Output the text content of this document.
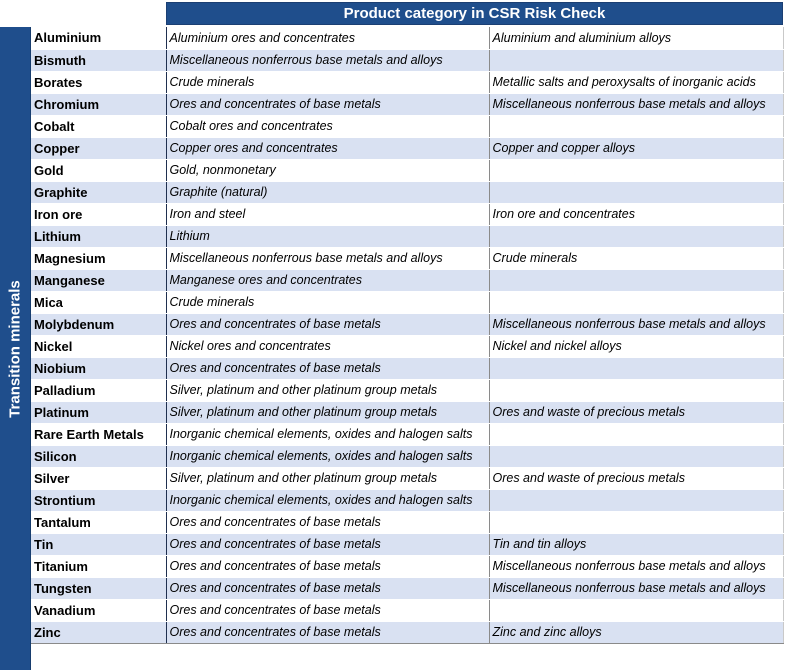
Product category in CSR Risk Check
Transition minerals
Aluminium	Aluminium ores and concentrates	Aluminium and aluminium alloys
Bismuth	Miscellaneous nonferrous base metals and alloys	
Borates	Crude minerals	Metallic salts and peroxysalts of inorganic acids
Chromium	Ores and concentrates of base metals	Miscellaneous nonferrous base metals and alloys
Cobalt	Cobalt ores and concentrates	
Copper	Copper ores and concentrates	Copper and copper alloys
Gold	Gold, nonmonetary	
Graphite	Graphite (natural)	
Iron ore	Iron and steel	Iron ore and concentrates
Lithium	Lithium	
Magnesium	Miscellaneous nonferrous base metals and alloys	Crude minerals
Manganese	Manganese ores and concentrates	
Mica	Crude minerals	
Molybdenum	Ores and concentrates of base metals	Miscellaneous nonferrous base metals and alloys
Nickel	Nickel ores and concentrates	Nickel and nickel alloys
Niobium	Ores and concentrates of base metals	
Palladium	Silver, platinum and other platinum group metals	
Platinum	Silver, platinum and other platinum group metals	Ores and waste of precious metals
Rare Earth Metals	Inorganic chemical elements, oxides and halogen salts	
Silicon	Inorganic chemical elements, oxides and halogen salts	
Silver	Silver, platinum and other platinum group metals	Ores and waste of precious metals
Strontium	Inorganic chemical elements, oxides and halogen salts	
Tantalum	Ores and concentrates of base metals	
Tin	Ores and concentrates of base metals	Tin and tin alloys
Titanium	Ores and concentrates of base metals	Miscellaneous nonferrous base metals and alloys
Tungsten	Ores and concentrates of base metals	Miscellaneous nonferrous base metals and alloys
Vanadium	Ores and concentrates of base metals	
Zinc	Ores and concentrates of base metals	Zinc and zinc alloys
